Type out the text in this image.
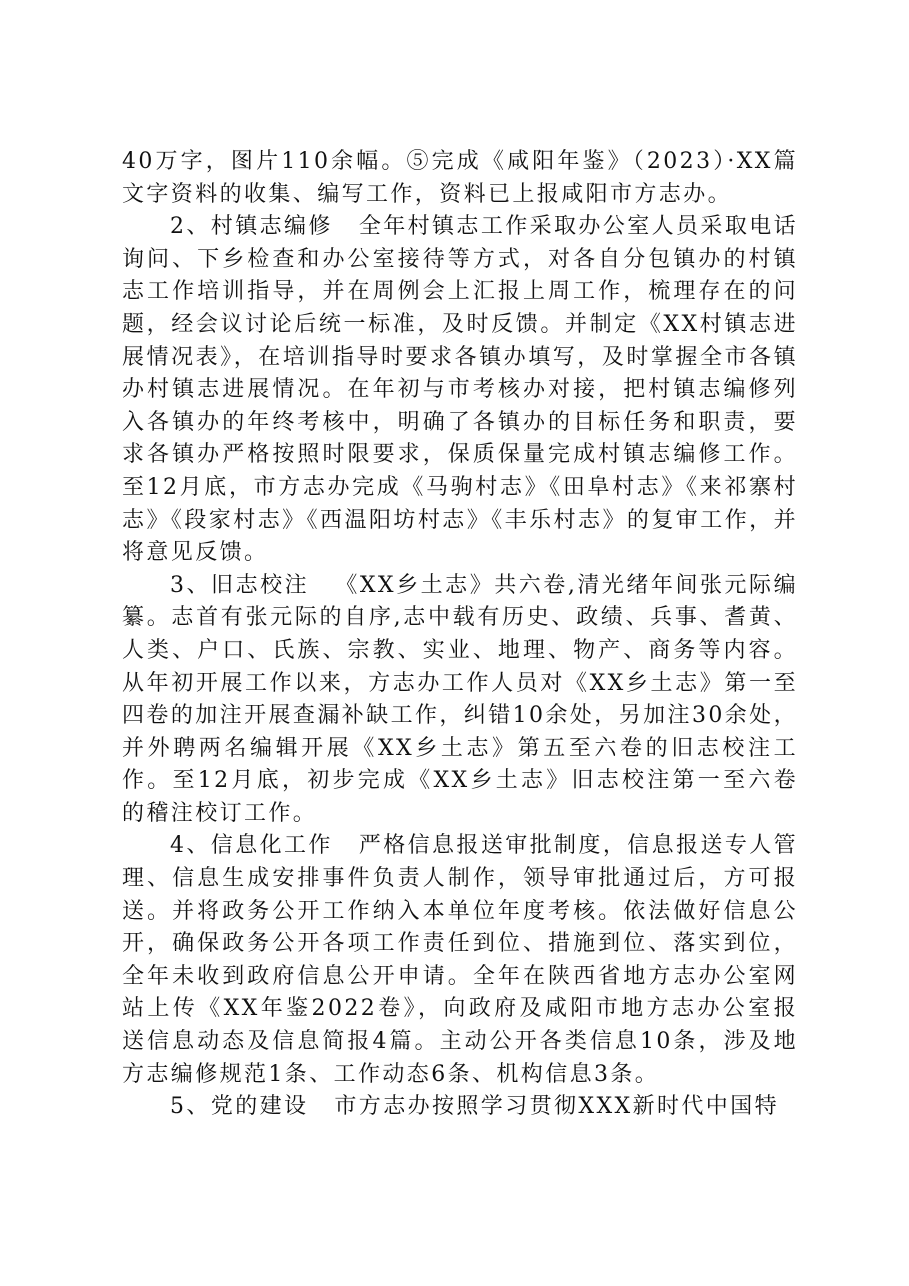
40万字，图片110余幅。⑤完成《咸阳年鉴》（2023）·XX篇文字资料的收集、编写工作，资料已上报咸阳市方志办。

2、村镇志编修 全年村镇志工作采取办公室人员采取电话询问、下乡检查和办公室接待等方式，对各自分包镇办的村镇志工作培训指导，并在周例会上汇报上周工作，梳理存在的问题，经会议讨论后统一标准，及时反馈。并制定《XX村镇志进展情况表》，在培训指导时要求各镇办填写，及时掌握全市各镇办村镇志进展情况。在年初与市考核办对接，把村镇志编修列入各镇办的年终考核中，明确了各镇办的目标任务和职责，要求各镇办严格按照时限要求，保质保量完成村镇志编修工作。至12月底，市方志办完成《马驹村志》《田阜村志》《来祁寨村志》《段家村志》《西温阳坊村志》《丰乐村志》的复审工作，并将意见反馈。

3、旧志校注 《XX乡土志》共六卷,清光绪年间张元际编纂。志首有张元际的自序,志中载有历史、政绩、兵事、耆黄、人类、户口、氏族、宗教、实业、地理、物产、商务等内容。从年初开展工作以来，方志办工作人员对《XX乡土志》第一至四卷的加注开展查漏补缺工作，纠错10余处，另加注30余处，并外聘两名编辑开展《XX乡土志》第五至六卷的旧志校注工作。至12月底，初步完成《XX乡土志》旧志校注第一至六卷的稽注校订工作。

4、信息化工作 严格信息报送审批制度，信息报送专人管理、信息生成安排事件负责人制作，领导审批通过后，方可报送。并将政务公开工作纳入本单位年度考核。依法做好信息公开，确保政务公开各项工作责任到位、措施到位、落实到位，全年未收到政府信息公开申请。全年在陕西省地方志办公室网站上传《XX年鉴2022卷》，向政府及咸阳市地方志办公室报送信息动态及信息简报4篇。主动公开各类信息10条，涉及地方志编修规范1条、工作动态6条、机构信息3条。

5、党的建设 市方志办按照学习贯彻XXX新时代中国特
